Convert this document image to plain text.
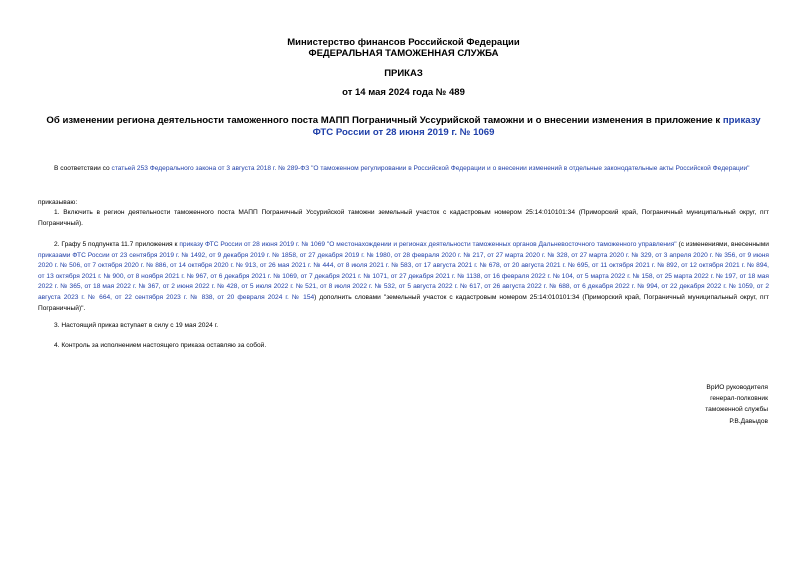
Министерство финансов Российской Федерации
ФЕДЕРАЛЬНАЯ ТАМОЖЕННАЯ СЛУЖБА
ПРИКАЗ
от 14 мая 2024 года № 489
Об изменении региона деятельности таможенного поста МАПП Пограничный Уссурийской таможни и о внесении изменения в приложение к приказу ФТС России от 28 июня 2019 г. № 1069
В соответствии со статьей 253 Федерального закона от 3 августа 2018 г. № 289-ФЗ "О таможенном регулировании в Российской Федерации и о внесении изменений в отдельные законодательные акты Российской Федерации"
приказываю:
1. Включить в регион деятельности таможенного поста МАПП Пограничный Уссурийской таможни земельный участок с кадастровым номером 25:14:010101:34 (Приморский край, Пограничный муниципальный округ, пгт Пограничный).
2. Графу 5 подпункта 11.7 приложения к приказу ФТС России от 28 июня 2019 г. № 1069 "О местонахождении и регионах деятельности таможенных органов Дальневосточного таможенного управления" (с изменениями, внесенными приказами ФТС России от 23 сентября 2019 г. № 1492, от 9 декабря 2019 г. № 1858, от 27 декабря 2019 г. № 1980, от 28 февраля 2020 г. № 217, от 27 марта 2020 г. № 328, от 27 марта 2020 г. № 329, от 3 апреля 2020 г. № 356, от 9 июня 2020 г. № 506, от 7 октября 2020 г. № 886, от 14 октября 2020 г. № 913, от 26 мая 2021 г. № 444, от 8 июля 2021 г. № 583, от 17 августа 2021 г. № 678, от 20 августа 2021 г. № 695, от 11 октября 2021 г. № 892, от 12 октября 2021 г. № 894, от 13 октября 2021 г. № 900, от 8 ноября 2021 г. № 967, от 6 декабря 2021 г. № 1069, от 7 декабря 2021 г. № 1071, от 27 декабря 2021 г. № 1138, от 16 февраля 2022 г. № 104, от 5 марта 2022 г. № 158, от 25 марта 2022 г. № 197, от 18 мая 2022 г. № 365, от 18 мая 2022 г. № 367, от 2 июня 2022 г. № 428, от 5 июля 2022 г. № 521, от 8 июля 2022 г. № 532, от 5 августа 2022 г. № 617, от 26 августа 2022 г. № 688, от 6 декабря 2022 г. № 994, от 22 декабря 2022 г. № 1059, от 2 августа 2023 г. № 664, от 22 сентября 2023 г. № 838, от 20 февраля 2024 г. № 154) дополнить словами "земельный участок с кадастровым номером 25:14:010101:34 (Приморский край, Пограничный муниципальный округ, пгт Пограничный)".
3. Настоящий приказ вступает в силу с 19 мая 2024 г.
4. Контроль за исполнением настоящего приказа оставляю за собой.
ВрИО руководителя
генерал-полковник
таможенной службы
Р.В.Давыдов
